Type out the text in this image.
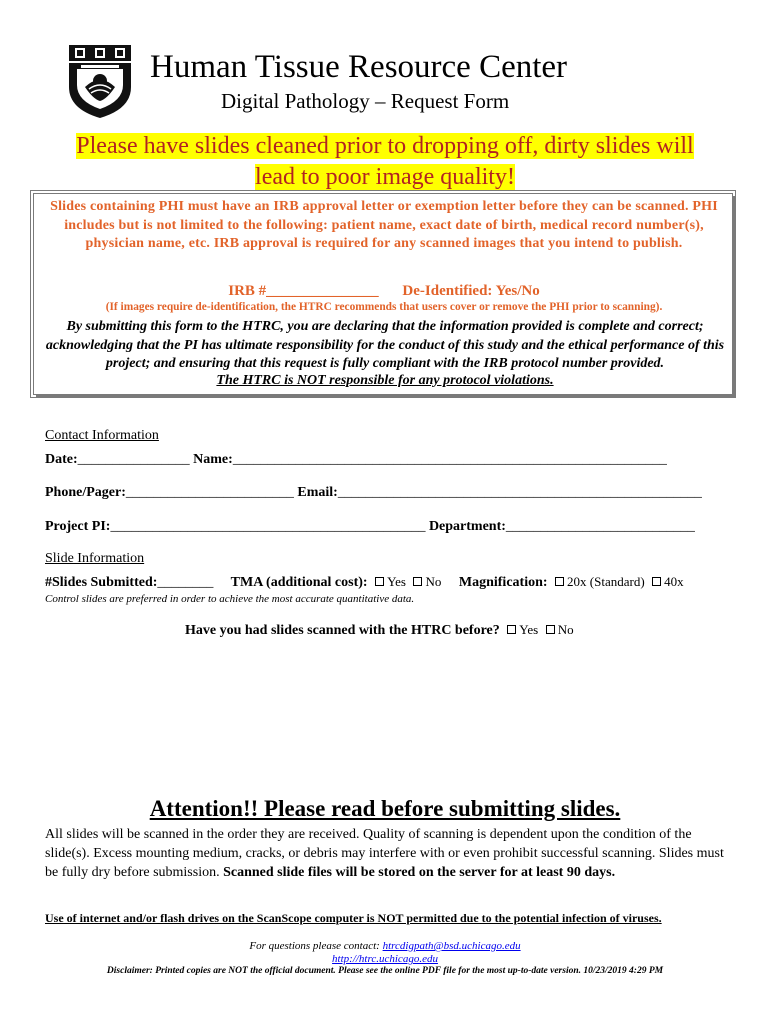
Human Tissue Resource Center
Digital Pathology – Request Form
Please have slides cleaned prior to dropping off, dirty slides will
lead to poor image quality!
Slides containing PHI must have an IRB approval letter or exemption letter before they can be scanned. PHI includes but is not limited to the following: patient name, exact date of birth, medical record number(s), physician name, etc. IRB approval is required for any scanned images that you intend to publish.
IRB #_______________ De-Identified: Yes/No
(If images require de-identification, the HTRC recommends that users cover or remove the PHI prior to scanning).
By submitting this form to the HTRC, you are declaring that the information provided is complete and correct; acknowledging that the PI has ultimate responsibility for the conduct of this study and the ethical performance of this project; and ensuring that this request is fully compliant with the IRB protocol number provided.
The HTRC is NOT responsible for any protocol violations.
Contact Information
Date:________________ Name:______________________________________________________________
Phone/Pager:________________________ Email:____________________________________________________
Project PI:_____________________________________________ Department:___________________________
Slide Information
#Slides Submitted:________ TMA (additional cost): Yes No Magnification: 20x (Standard) 40x
Control slides are preferred in order to achieve the most accurate quantitative data.
Have you had slides scanned with the HTRC before? Yes No
Attention!! Please read before submitting slides.
All slides will be scanned in the order they are received. Quality of scanning is dependent upon the condition of the slide(s). Excess mounting medium, cracks, or debris may interfere with or even prohibit successful scanning. Slides must be fully dry before submission. Scanned slide files will be stored on the server for at least 90 days.
Use of internet and/or flash drives on the ScanScope computer is NOT permitted due to the potential infection of viruses.
For questions please contact: htrcdigpath@bsd.uchicago.edu
http://htrc.uchicago.edu
Disclaimer: Printed copies are NOT the official document. Please see the online PDF file for the most up-to-date version. 10/23/2019 4:29 PM
